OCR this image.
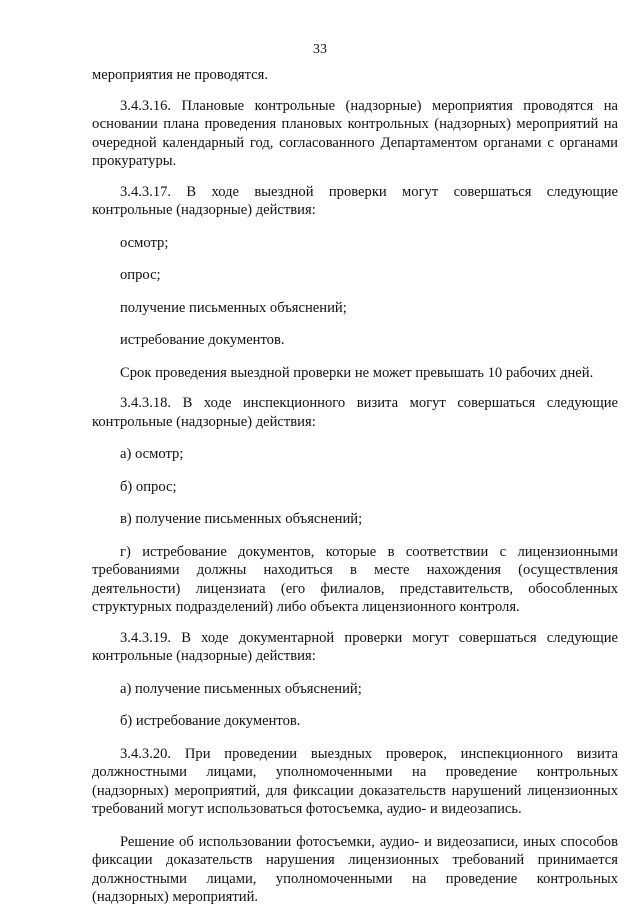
33

мероприятия не проводятся.

3.4.3.16. Плановые контрольные (надзорные) мероприятия проводятся на основании плана проведения плановых контрольных (надзорных) мероприятий на очередной календарный год, согласованного Департаментом органами с органами прокуратуры.

3.4.3.17. В ходе выездной проверки могут совершаться следующие контрольные (надзорные) действия:

осмотр;

опрос;

получение письменных объяснений;

истребование документов.

Срок проведения выездной проверки не может превышать 10 рабочих дней.

3.4.3.18. В ходе инспекционного визита могут совершаться следующие контрольные (надзорные) действия:

а) осмотр;

б) опрос;

в) получение письменных объяснений;

г) истребование документов, которые в соответствии с лицензионными требованиями должны находиться в месте нахождения (осуществления деятельности) лицензиата (его филиалов, представительств, обособленных структурных подразделений) либо объекта лицензионного контроля.

3.4.3.19. В ходе документарной проверки могут совершаться следующие контрольные (надзорные) действия:

а) получение письменных объяснений;

б) истребование документов.

3.4.3.20. При проведении выездных проверок, инспекционного визита должностными лицами, уполномоченными на проведение контрольных (надзорных) мероприятий, для фиксации доказательств нарушений лицензионных требований могут использоваться фотосъемка, аудио- и видеозапись.

Решение об использовании фотосъемки, аудио- и видеозаписи, иных способов фиксации доказательств нарушения лицензионных требований принимается должностными лицами, уполномоченными на проведение контрольных (надзорных) мероприятий.
